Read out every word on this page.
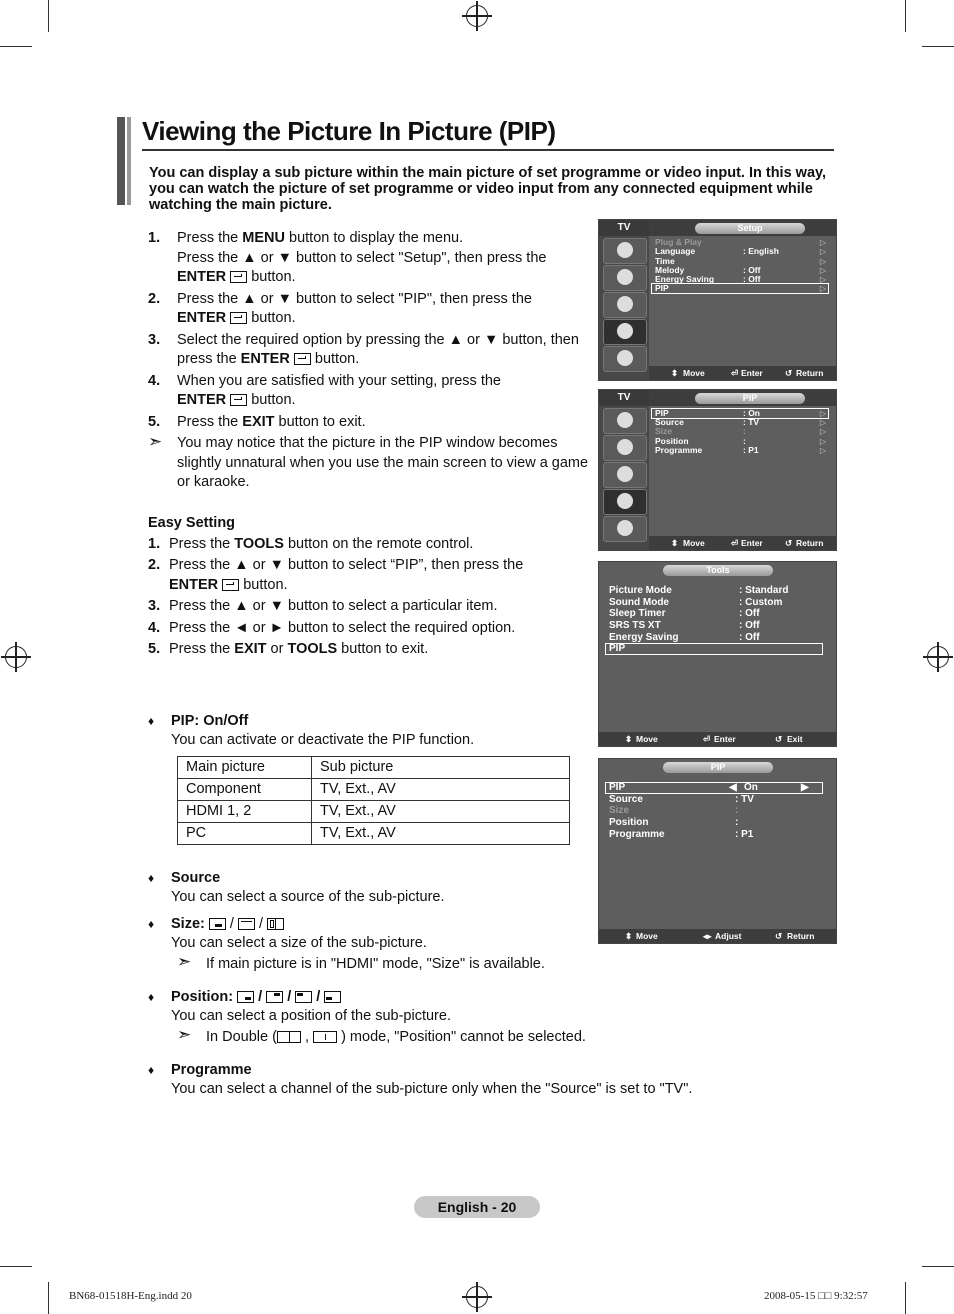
Viewing the Picture In Picture (PIP)
You can display a sub picture within the main picture of set programme or video input. In this way, you can watch the picture of set programme or video input from any connected equipment while watching the main picture.
1. Press the MENU button to display the menu.
Press the ▲ or ▼ button to select "Setup", then press the
ENTER
button.
2. Press the ▲ or ▼ button to select "PIP", then press the
ENTER
button.
3. Select the required option by pressing the ▲ or ▼ button, then press the ENTER
button.
4. When you are satisfied with your setting, press the
ENTER
button.
5. Press the EXIT button to exit.
➣ You may notice that the picture in the PIP window becomes slightly unnatural when you use the main screen to view a game or karaoke.
Easy Setting
1. Press the TOOLS button on the remote control.
2. Press the ▲ or ▼ button to select “PIP”, then press the
ENTER
button.
3. Press the ▲ or ▼ button to select a particular item.
4. Press the ◄ or ► button to select the required option.
5. Press the EXIT or TOOLS button to exit.
♦ PIP: On/Off
You can activate or deactivate the PIP function.
Main picture	Sub picture
Component	TV, Ext., AV
HDMI 1, 2	TV, Ext., AV
PC	TV, Ext., AV
♦ Source
You can select a source of the sub-picture.
♦ Size:
/
/

You can select a size of the sub-picture.
➣ If main picture is in "HDMI" mode, "Size" is available.
♦ Position: / / /

You can select a position of the sub-picture.
➣ In Double (
,
) mode, "Position" cannot be selected.
♦ Programme
You can select a channel of the sub-picture only when the "Source" is set to "TV".
TV	Setup
Plug & Play
Language	: English
Time
Melody	: Off
Energy Saving	: Off
PIP
▷
▷
▷
▷
▷
▷
⬍ Move	⏎ Enter	↺ Return
TV	PIP
PIP	: On
Source	: TV
Size	:
Position	:
Programme	: P1
▷
▷
▷
▷
▷
⬍ Move	⏎ Enter	↺ Return
Tools
Picture Mode	: Standard
Sound Mode	: Custom
Sleep Timer	: Off
SRS TS XT	: Off
Energy Saving	: Off
PIP
⬍ Move	⏎ Enter	↺ Exit
PIP
PIP	◀ On	▶
Source	: TV
Size	:
Position	:
Programme	: P1
⬍ Move	◂▸ Adjust	↺ Return
English - 20
BN68-01518H-Eng.indd 20	2008-05-15 □□ 9:32:57
